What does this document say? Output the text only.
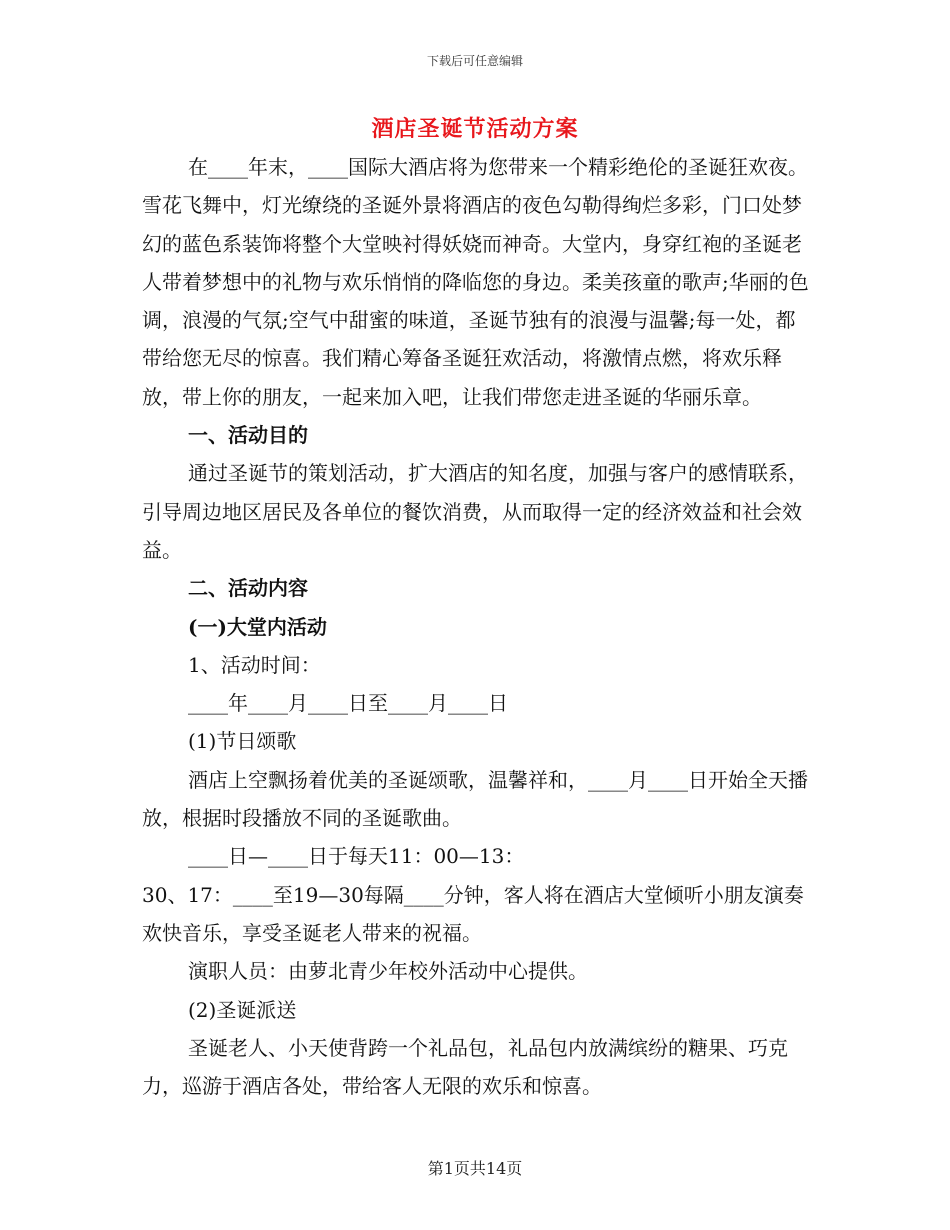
下载后可任意编辑
酒店圣诞节活动方案

在____年末，____国际大酒店将为您带来一个精彩绝伦的圣诞狂欢夜。雪花飞舞中，灯光缭绕的圣诞外景将酒店的夜色勾勒得绚烂多彩，门口处梦幻的蓝色系装饰将整个大堂映衬得妖娆而神奇。大堂内，身穿红袍的圣诞老人带着梦想中的礼物与欢乐悄悄的降临您的身边。柔美孩童的歌声;华丽的色调，浪漫的气氛;空气中甜蜜的味道，圣诞节独有的浪漫与温馨;每一处，都带给您无尽的惊喜。我们精心筹备圣诞狂欢活动，将激情点燃，将欢乐释放，带上你的朋友，一起来加入吧，让我们带您走进圣诞的华丽乐章。

一、活动目的

通过圣诞节的策划活动，扩大酒店的知名度，加强与客户的感情联系，引导周边地区居民及各单位的餐饮消费，从而取得一定的经济效益和社会效益。

二、活动内容

(一)大堂内活动

1、活动时间：

____年____月____日至____月____日

(1)节日颂歌

酒店上空飘扬着优美的圣诞颂歌，温馨祥和，____月____日开始全天播放，根据时段播放不同的圣诞歌曲。

____日—____日于每天11：00—13：

30、17：____至19—30每隔____分钟，客人将在酒店大堂倾听小朋友演奏欢快音乐，享受圣诞老人带来的祝福。

演职人员：由萝北青少年校外活动中心提供。

(2)圣诞派送

圣诞老人、小天使背跨一个礼品包，礼品包内放满缤纷的糖果、巧克力，巡游于酒店各处，带给客人无限的欢乐和惊喜。

第1页共14页
